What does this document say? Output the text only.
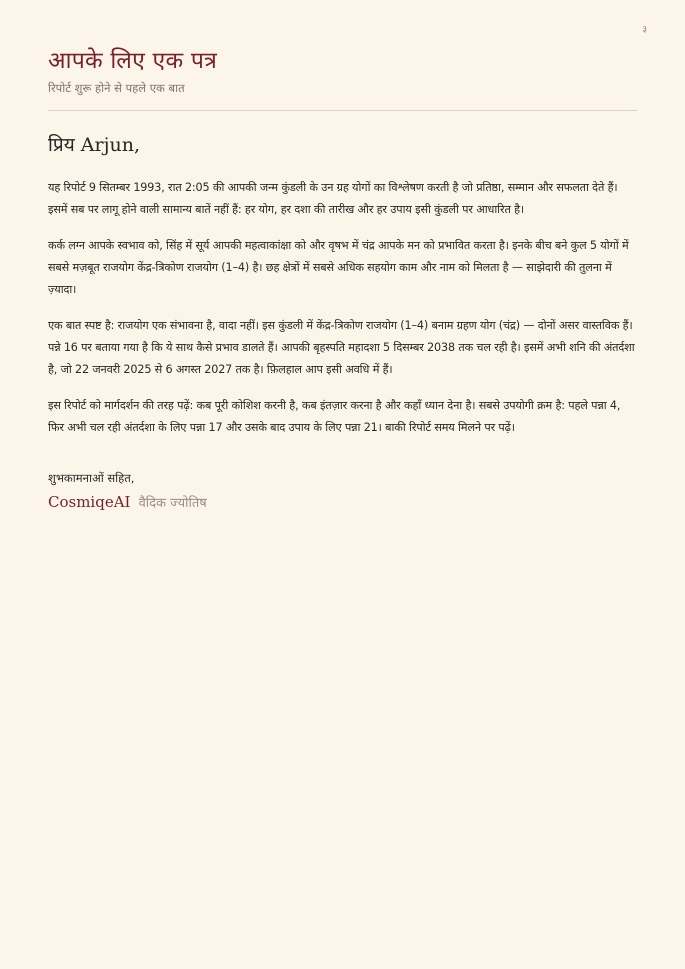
३
आपके लिए एक पत्र
रिपोर्ट शुरू होने से पहले एक बात
प्रिय Arjun,

यह रिपोर्ट 9 सितम्बर 1993, रात 2:05 की आपकी जन्म कुंडली के उन ग्रह योगों का विश्लेषण करती है जो प्रतिष्ठा, सम्मान और सफलता देते हैं। इसमें सब पर लागू होने वाली सामान्य बातें नहीं हैं: हर योग, हर दशा की तारीख और हर उपाय इसी कुंडली पर आधारित है।

कर्क लग्न आपके स्वभाव को, सिंह में सूर्य आपकी महत्वाकांक्षा को और वृषभ में चंद्र आपके मन को प्रभावित करता है। इनके बीच बने कुल 5 योगों में सबसे मज़बूत राजयोग केंद्र-त्रिकोण राजयोग (1–4) है। छह क्षेत्रों में सबसे अधिक सहयोग काम और नाम को मिलता है — साझेदारी की तुलना में ज़्यादा।

एक बात स्पष्ट है: राजयोग एक संभावना है, वादा नहीं। इस कुंडली में केंद्र-त्रिकोण राजयोग (1–4) बनाम ग्रहण योग (चंद्र) — दोनों असर वास्तविक हैं। पन्ने 16 पर बताया गया है कि ये साथ कैसे प्रभाव डालते हैं। आपकी बृहस्पति महादशा 5 दिसम्बर 2038 तक चल रही है। इसमें अभी शनि की अंतर्दशा है, जो 22 जनवरी 2025 से 6 अगस्त 2027 तक है। फ़िलहाल आप इसी अवधि में हैं।

इस रिपोर्ट को मार्गदर्शन की तरह पढ़ें: कब पूरी कोशिश करनी है, कब इंतज़ार करना है और कहाँ ध्यान देना है। सबसे उपयोगी क्रम है: पहले पन्ना 4, फिर अभी चल रही अंतर्दशा के लिए पन्ना 17 और उसके बाद उपाय के लिए पन्ना 21। बाकी रिपोर्ट समय मिलने पर पढ़ें।

शुभकामनाओं सहित,
CosmiqeAI वैदिक ज्योतिष
